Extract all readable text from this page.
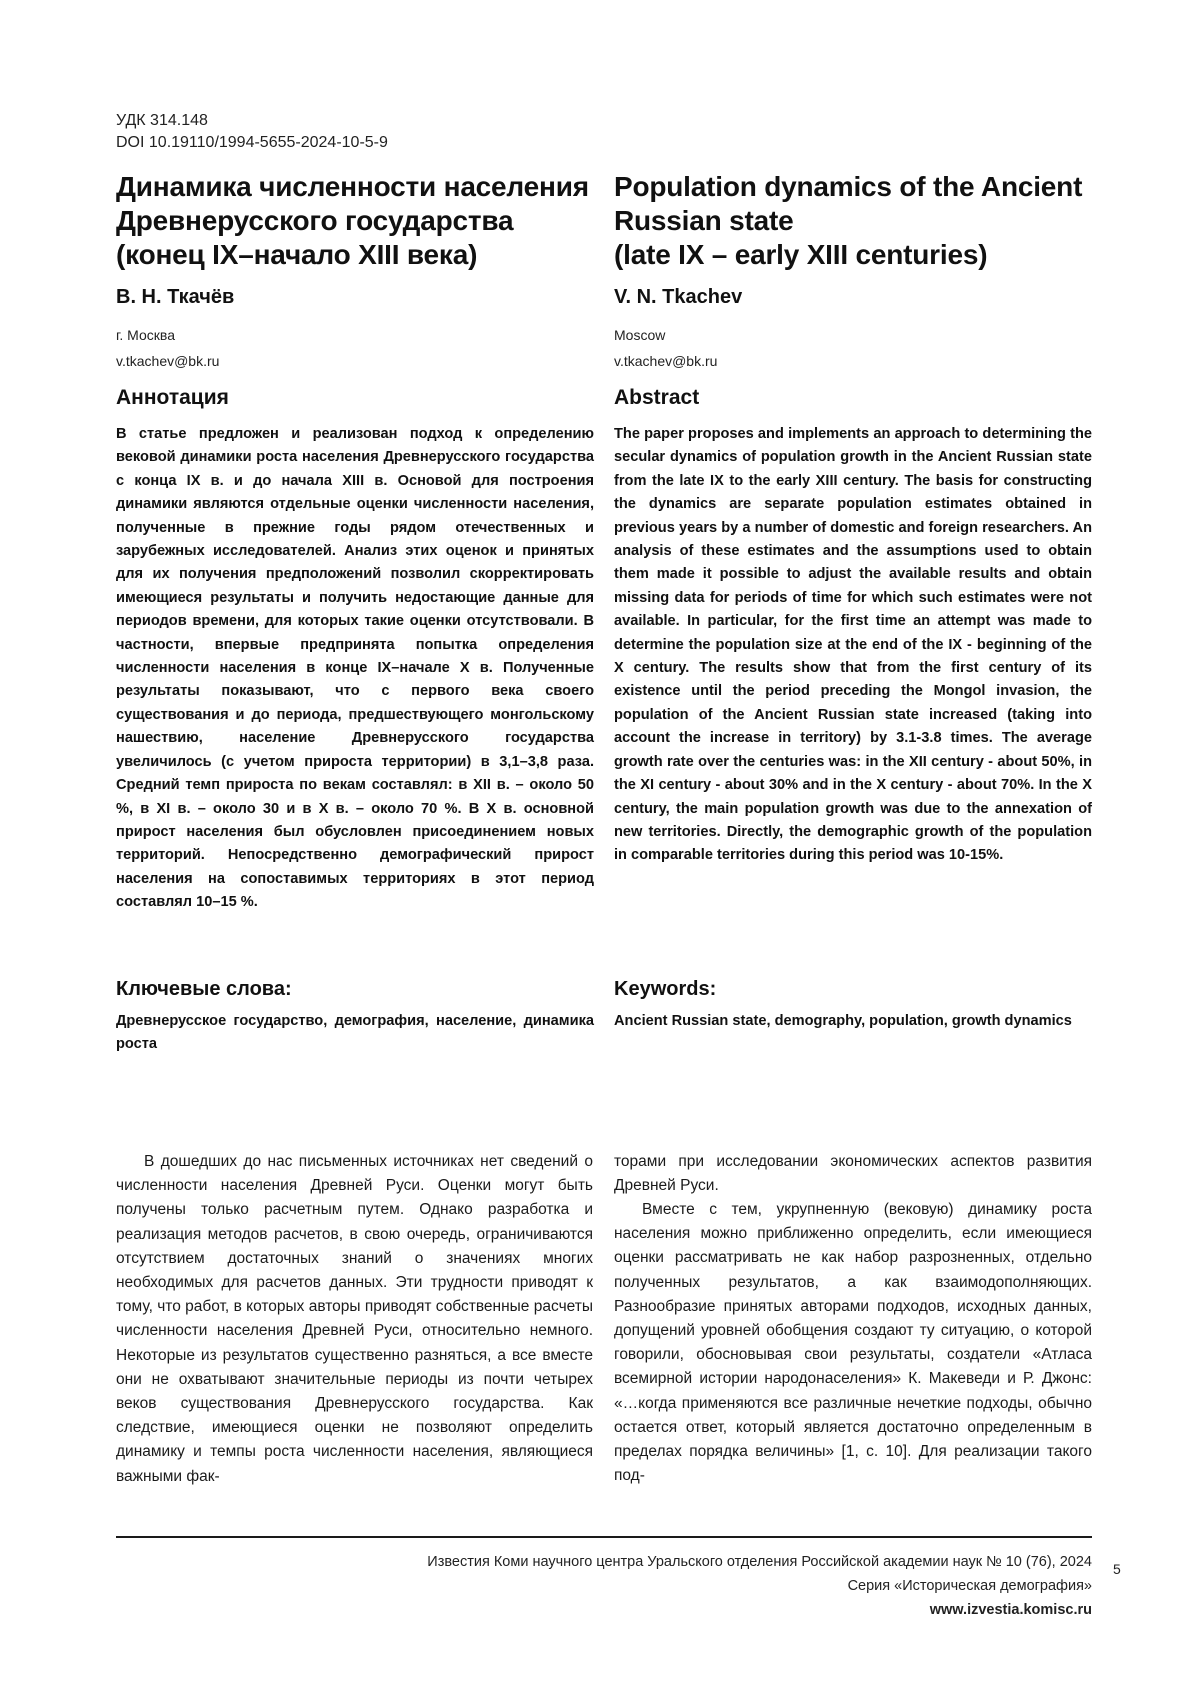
УДК 314.148
DOI 10.19110/1994-5655-2024-10-5-9
Динамика численности населения
Древнерусского государства
(конец IX–начало XIII века)
В. Н. Ткачёв
г. Москва
v.tkachev@bk.ru
Аннотация
В статье предложен и реализован подход к определению вековой динамики роста населения Древнерусского государства с конца IX в. и до начала XIII в. Основой для построения динамики являются отдельные оценки численности населения, полученные в прежние годы рядом отечественных и зарубежных исследователей. Анализ этих оценок и принятых для их получения предположений позволил скорректировать имеющиеся результаты и получить недостающие данные для периодов времени, для которых такие оценки отсутствовали. В частности, впервые предпринята попытка определения численности населения в конце IX–начале X в. Полученные результаты показывают, что с первого века своего существования и до периода, предшествующего монгольскому нашествию, население Древнерусского государства увеличилось (с учетом прироста территории) в 3,1–3,8 раза. Средний темп прироста по векам составлял: в XII в. – около 50 %, в XI в. – около 30 и в X в. – около 70 %. В X в. основной прирост населения был обусловлен присоединением новых территорий. Непосредственно демографический прирост населения на сопоставимых территориях в этот период составлял 10–15 %.
Ключевые слова:
Древнерусское государство, демография, население, динамика роста
Population dynamics of the Ancient
Russian state
(late IX – early XIII centuries)
V. N. Tkachev
Moscow
v.tkachev@bk.ru
Abstract
The paper proposes and implements an approach to determining the secular dynamics of population growth in the Ancient Russian state from the late IX to the early XIII century. The basis for constructing the dynamics are separate population estimates obtained in previous years by a number of domestic and foreign researchers. An analysis of these estimates and the assumptions used to obtain them made it possible to adjust the available results and obtain missing data for periods of time for which such estimates were not available. In particular, for the first time an attempt was made to determine the population size at the end of the IX - beginning of the X century. The results show that from the first century of its existence until the period preceding the Mongol invasion, the population of the Ancient Russian state increased (taking into account the increase in territory) by 3.1-3.8 times. The average growth rate over the centuries was: in the XII century - about 50%, in the XI century - about 30% and in the X century - about 70%. In the X century, the main population growth was due to the annexation of new territories. Directly, the demographic growth of the population in comparable territories during this period was 10-15%.
Keywords:
Ancient Russian state, demography, population, growth dynamics
В дошедших до нас письменных источниках нет сведений о численности населения Древней Руси. Оценки могут быть получены только расчетным путем. Однако разработка и реализация методов расчетов, в свою очередь, ограничиваются отсутствием достаточных знаний о значениях многих необходимых для расчетов данных. Эти трудности приводят к тому, что работ, в которых авторы приводят собственные расчеты численности населения Древней Руси, относительно немного. Некоторые из результатов существенно разняться, а все вместе они не охватывают значительные периоды из почти четырех веков существования Древнерусского государства. Как следствие, имеющиеся оценки не позволяют определить динамику и темпы роста численности населения, являющиеся важными фак-
торами при исследовании экономических аспектов развития Древней Руси.
Вместе с тем, укрупненную (вековую) динамику роста населения можно приближенно определить, если имеющиеся оценки рассматривать не как набор разрозненных, отдельно полученных результатов, а как взаимодополняющих. Разнообразие принятых авторами подходов, исходных данных, допущений уровней обобщения создают ту ситуацию, о которой говорили, обосновывая свои результаты, создатели «Атласа всемирной истории народонаселения» К. Макеведи и Р. Джонс: «…когда применяются все различные нечеткие подходы, обычно остается ответ, который является достаточно определенным в пределах порядка величины» [1, с. 10]. Для реализации такого под-
Известия Коми научного центра Уральского отделения Российской академии наук № 10 (76), 2024
Серия «Историческая демография»
www.izvestia.komisc.ru
5
